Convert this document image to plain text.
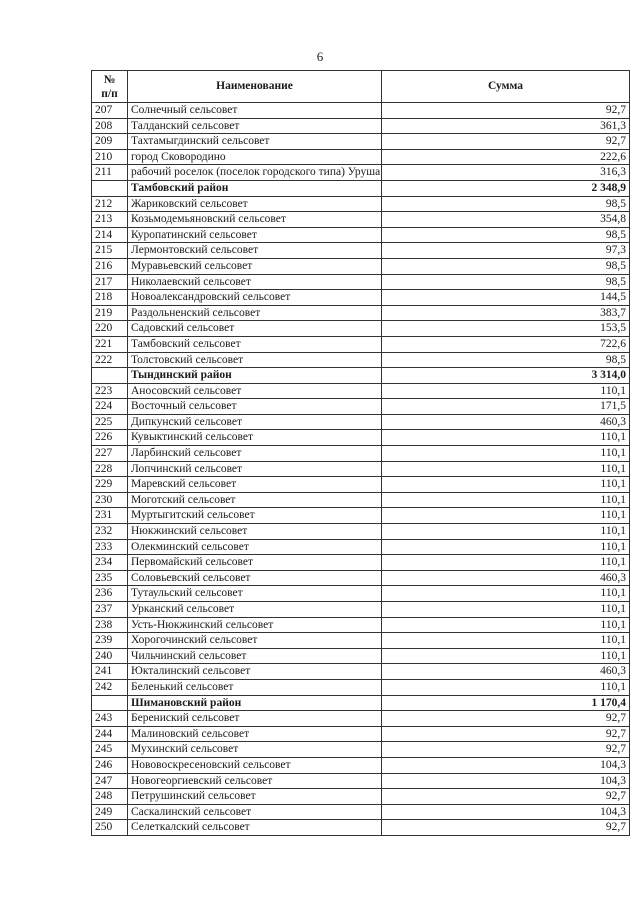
6
№
п/п	Наименование	Сумма
207	Солнечный сельсовет	92,7
208	Талданский сельсовет	361,3
209	Тахтамыгдинский сельсовет	92,7
210	город Сковородино	222,6
211	рабочий роселок (поселок городского типа) Уруша	316,3
	Тамбовский район	2 348,9
212	Жариковский сельсовет	98,5
213	Козьмодемьяновский сельсовет	354,8
214	Куропатинский сельсовет	98,5
215	Лермонтовский сельсовет	97,3
216	Муравьевский сельсовет	98,5
217	Николаевский сельсовет	98,5
218	Новоалександровский сельсовет	144,5
219	Раздольненский сельсовет	383,7
220	Садовский сельсовет	153,5
221	Тамбовский сельсовет	722,6
222	Толстовский сельсовет	98,5
	Тындинский район	3 314,0
223	Аносовский сельсовет	110,1
224	Восточный сельсовет	171,5
225	Дипкунский сельсовет	460,3
226	Кувыктинский сельсовет	110,1
227	Ларбинский сельсовет	110,1
228	Лопчинский сельсовет	110,1
229	Маревский сельсовет	110,1
230	Моготский сельсовет	110,1
231	Муртыгитский сельсовет	110,1
232	Нюкжинский сельсовет	110,1
233	Олекминский сельсовет	110,1
234	Первомайский сельсовет	110,1
235	Соловьевский сельсовет	460,3
236	Тутаульский сельсовет	110,1
237	Урканский сельсовет	110,1
238	Усть-Нюкжинский сельсовет	110,1
239	Хорогочинский сельсовет	110,1
240	Чильчинский сельсовет	110,1
241	Юкталинский сельсовет	460,3
242	Беленький сельсовет	110,1
	Шимановский район	1 170,4
243	Берениский сельсовет	92,7
244	Малиновский сельсовет	92,7
245	Мухинский сельсовет	92,7
246	Нововоскресеновский сельсовет	104,3
247	Новогеоргиевский сельсовет	104,3
248	Петрушинский сельсовет	92,7
249	Саскалинский сельсовет	104,3
250	Селеткалский сельсовет	92,7
